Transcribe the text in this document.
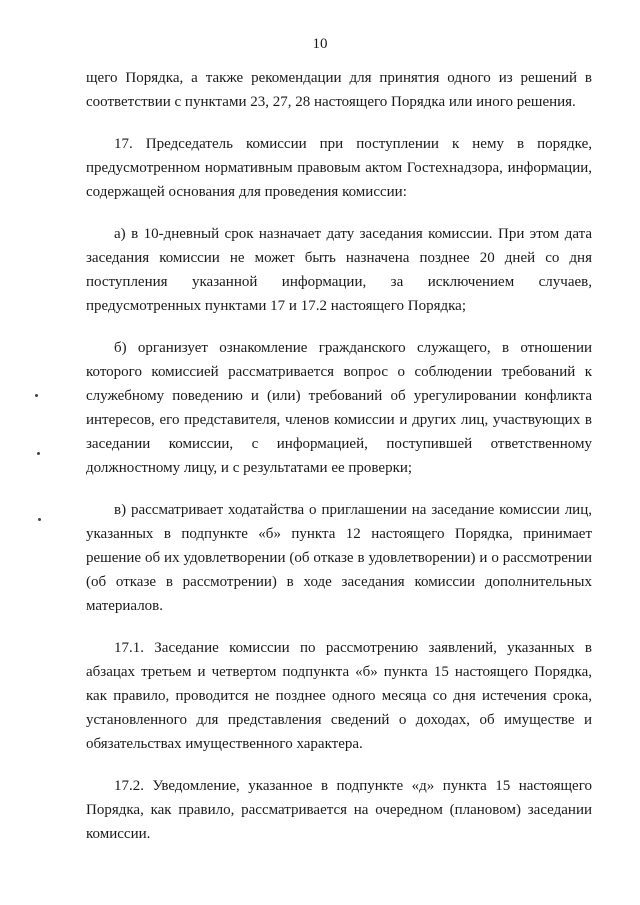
10

щего Порядка, а также рекомендации для принятия одного из решений в соответствии с пунктами 23, 27, 28 настоящего Порядка или иного решения.

17. Председатель комиссии при поступлении к нему в порядке, предусмотренном нормативным правовым актом Гостехнадзора, информации, содержащей основания для проведения комиссии:

а) в 10-дневный срок назначает дату заседания комиссии. При этом дата заседания комиссии не может быть назначена позднее 20 дней со дня поступления указанной информации, за исключением случаев, предусмотренных пунктами 17 и 17.2 настоящего Порядка;

б) организует ознакомление гражданского служащего, в отношении которого комиссией рассматривается вопрос о соблюдении требований к служебному поведению и (или) требований об урегулировании конфликта интересов, его представителя, членов комиссии и других лиц, участвующих в заседании комиссии, с информацией, поступившей ответственному должностному лицу, и с результатами ее проверки;

в) рассматривает ходатайства о приглашении на заседание комиссии лиц, указанных в подпункте «б» пункта 12 настоящего Порядка, принимает решение об их удовлетворении (об отказе в удовлетворении) и о рассмотрении (об отказе в рассмотрении) в ходе заседания комиссии дополнительных материалов.

17.1. Заседание комиссии по рассмотрению заявлений, указанных в абзацах третьем и четвертом подпункта «б» пункта 15 настоящего Порядка, как правило, проводится не позднее одного месяца со дня истечения срока, установленного для представления сведений о доходах, об имуществе и обязательствах имущественного характера.

17.2. Уведомление, указанное в подпункте «д» пункта 15 настоящего Порядка, как правило, рассматривается на очередном (плановом) заседании комиссии.
